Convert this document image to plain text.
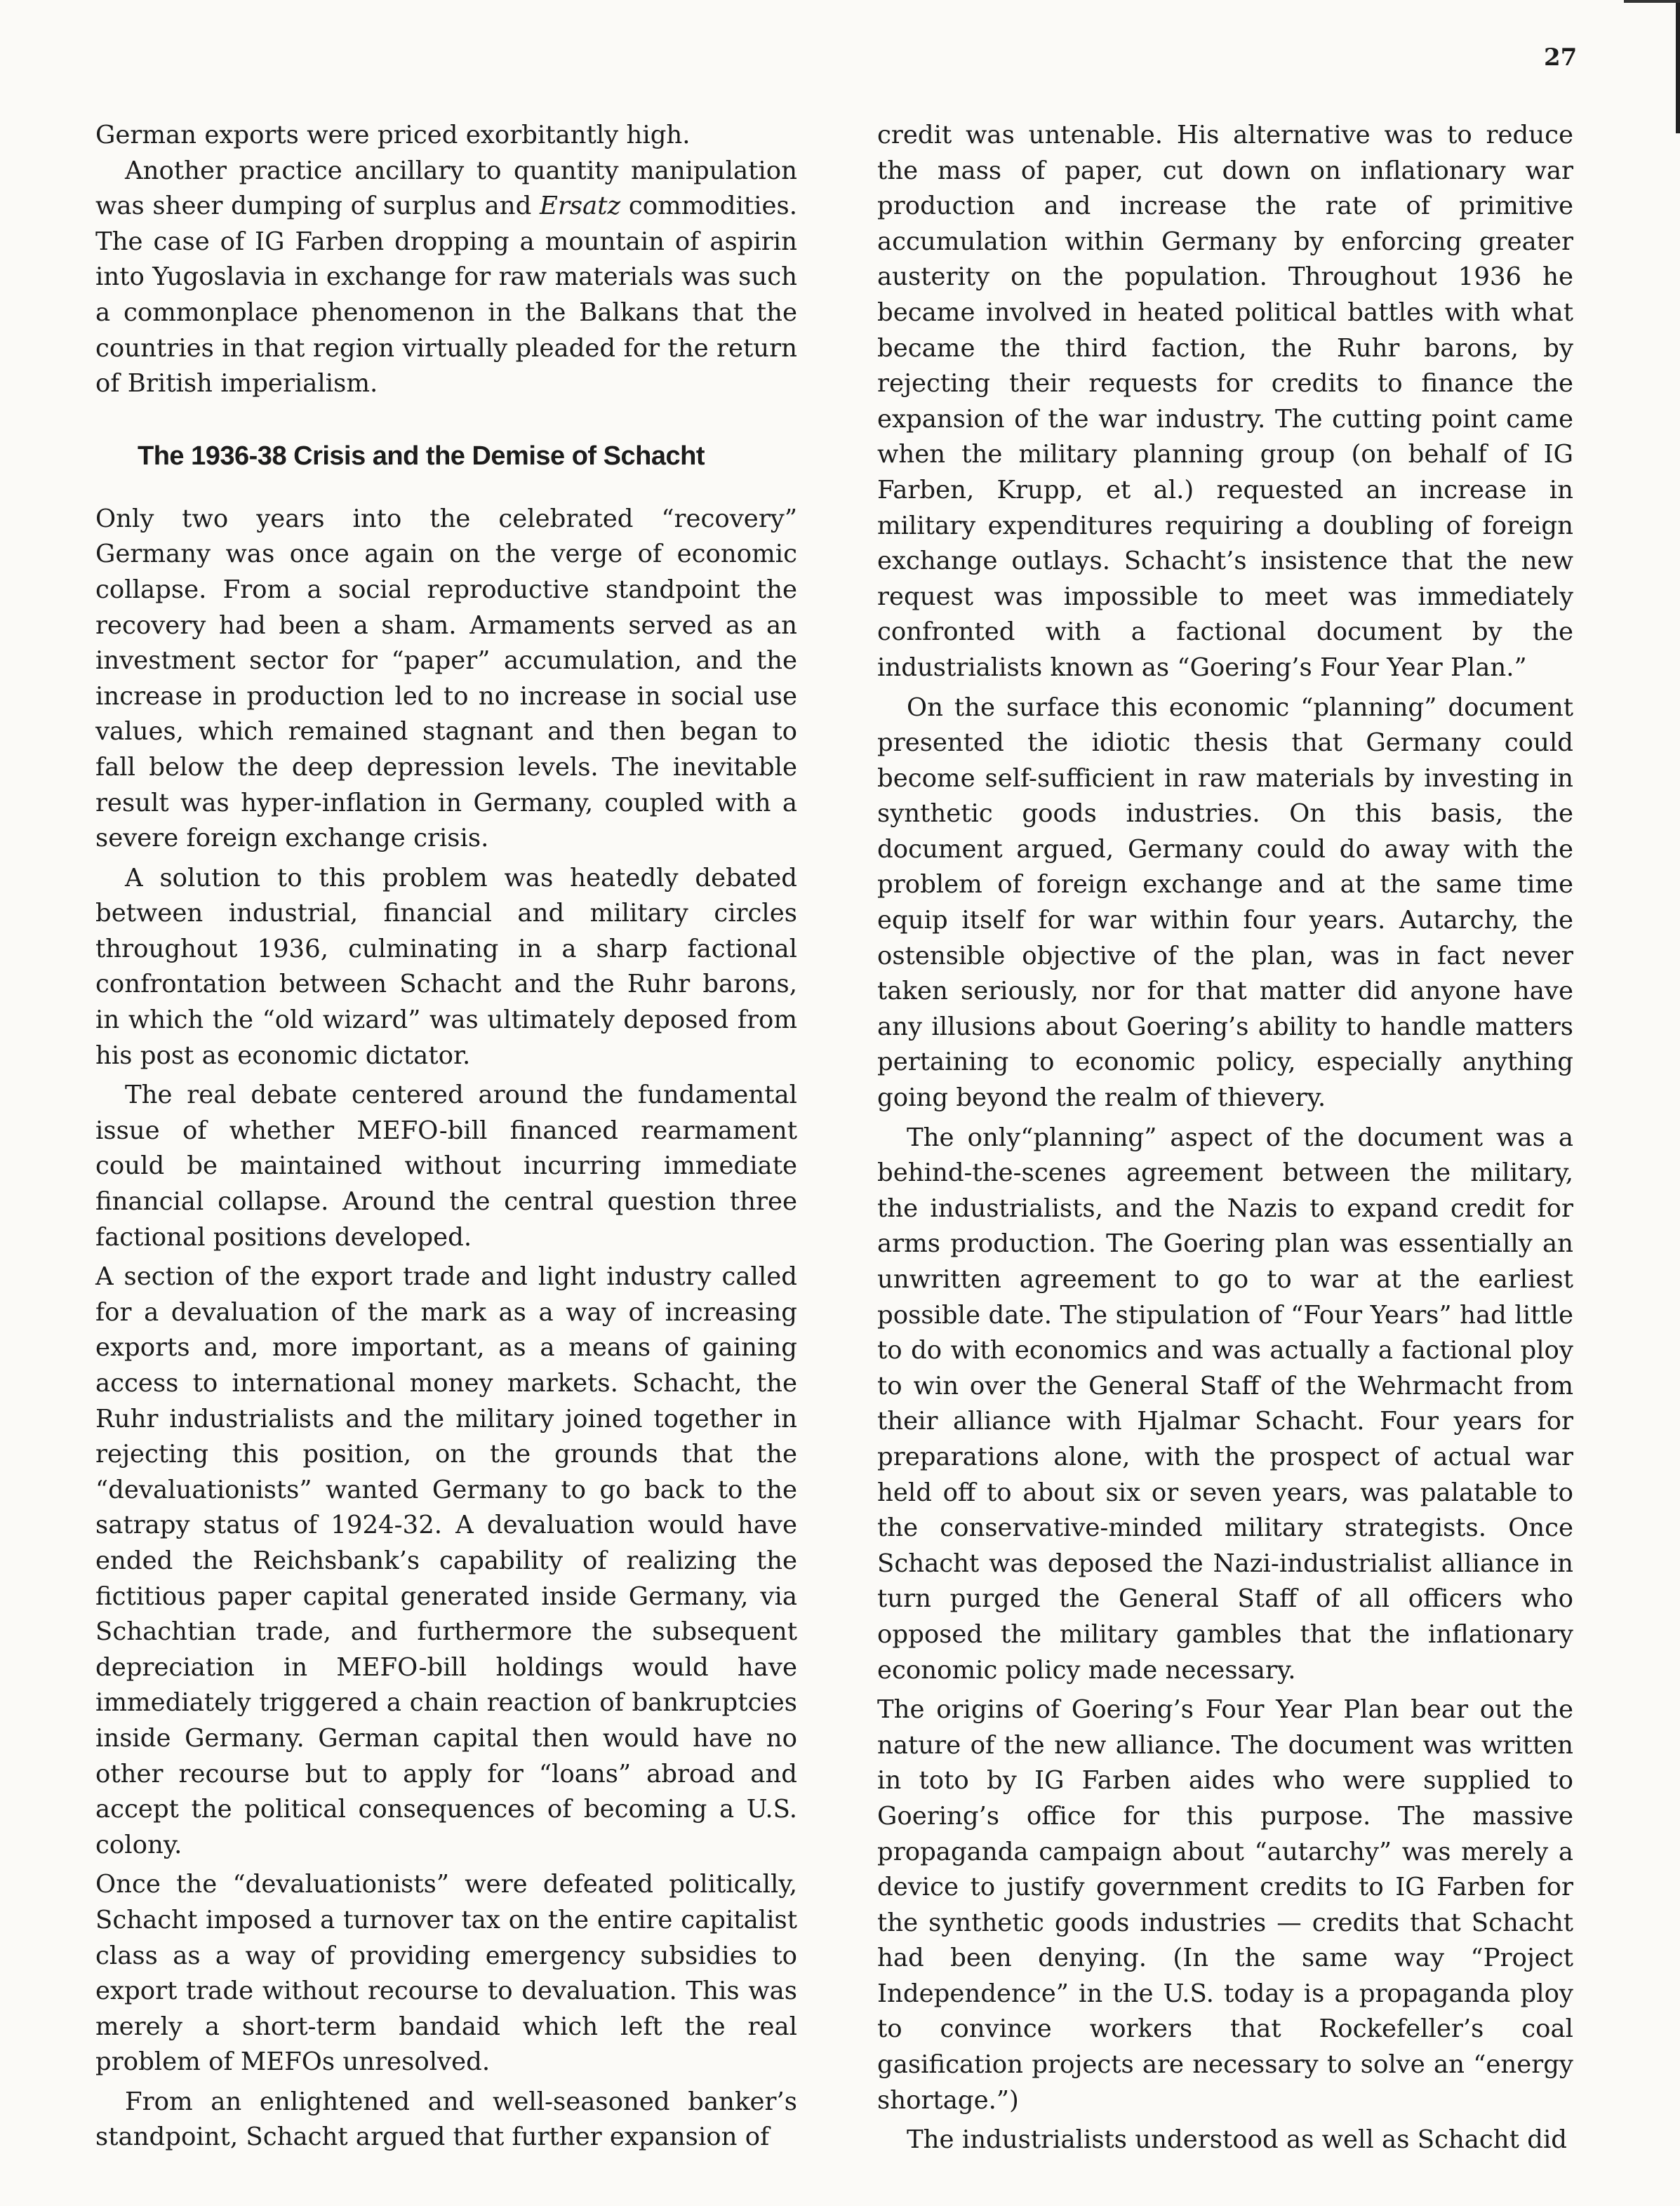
27

German exports were priced exorbitantly high.

Another practice ancillary to quantity manipulation was sheer dumping of surplus and Ersatz commodities. The case of IG Farben dropping a mountain of aspirin into Yugoslavia in exchange for raw materials was such a commonplace phenomenon in the Balkans that the countries in that region virtually pleaded for the return of British imperialism.

The 1936-38 Crisis and the Demise of Schacht

Only two years into the celebrated “recovery” Germany was once again on the verge of economic collapse. From a social reproductive standpoint the recovery had been a sham. Armaments served as an investment sector for “paper” accumulation, and the increase in production led to no increase in social use values, which remained stagnant and then began to fall below the deep depression levels. The inevitable result was hyper-inflation in Germany, coupled with a severe foreign exchange crisis.

A solution to this problem was heatedly debated between industrial, financial and military circles throughout 1936, culminating in a sharp factional confrontation between Schacht and the Ruhr barons, in which the “old wizard” was ultimately deposed from his post as economic dictator.

The real debate centered around the fundamental issue of whether MEFO-bill financed rearmament could be maintained without incurring immediate financial collapse. Around the central question three factional positions developed.

A section of the export trade and light industry called for a devaluation of the mark as a way of increasing exports and, more important, as a means of gaining access to international money markets. Schacht, the Ruhr industrialists and the military joined together in rejecting this position, on the grounds that the “devaluationists” wanted Germany to go back to the satrapy status of 1924-32. A devaluation would have ended the Reichsbank’s capability of realizing the fictitious paper capital generated inside Germany, via Schachtian trade, and furthermore the subsequent depreciation in MEFO-bill holdings would have immediately triggered a chain reaction of bankruptcies inside Germany. German capital then would have no other recourse but to apply for “loans” abroad and accept the political consequences of becoming a U.S. colony.

Once the “devaluationists” were defeated politically, Schacht imposed a turnover tax on the entire capitalist class as a way of providing emergency subsidies to export trade without recourse to devaluation. This was merely a short-term bandaid which left the real problem of MEFOs unresolved.

From an enlightened and well-seasoned banker’s standpoint, Schacht argued that further expansion of

credit was untenable. His alternative was to reduce the mass of paper, cut down on inflationary war production and increase the rate of primitive accumulation within Germany by enforcing greater austerity on the population. Throughout 1936 he became involved in heated political battles with what became the third faction, the Ruhr barons, by rejecting their requests for credits to finance the expansion of the war industry. The cutting point came when the military planning group (on behalf of IG Farben, Krupp, et al.) requested an increase in military expenditures requiring a doubling of foreign exchange outlays. Schacht’s insistence that the new request was impossible to meet was immediately confronted with a factional document by the industrialists known as “Goering’s Four Year Plan.”

On the surface this economic “planning” document presented the idiotic thesis that Germany could become self-sufficient in raw materials by investing in synthetic goods industries. On this basis, the document argued, Germany could do away with the problem of foreign exchange and at the same time equip itself for war within four years. Autarchy, the ostensible objective of the plan, was in fact never taken seriously, nor for that matter did anyone have any illusions about Goering’s ability to handle matters pertaining to economic policy, especially anything going beyond the realm of thievery.

The only“planning” aspect of the document was a behind-the-scenes agreement between the military, the industrialists, and the Nazis to expand credit for arms production. The Goering plan was essentially an unwritten agreement to go to war at the earliest possible date. The stipulation of “Four Years” had little to do with economics and was actually a factional ploy to win over the General Staff of the Wehrmacht from their alliance with Hjalmar Schacht. Four years for preparations alone, with the prospect of actual war held off to about six or seven years, was palatable to the conservative-minded military strategists. Once Schacht was deposed the Nazi-industrialist alliance in turn purged the General Staff of all officers who opposed the military gambles that the inflationary economic policy made necessary.

The origins of Goering’s Four Year Plan bear out the nature of the new alliance. The document was written in toto by IG Farben aides who were supplied to Goering’s office for this purpose. The massive propaganda campaign about “autarchy” was merely a device to justify government credits to IG Farben for the synthetic goods industries — credits that Schacht had been denying. (In the same way “Project Independence” in the U.S. today is a propaganda ploy to convince workers that Rockefeller’s coal gasification projects are necessary to solve an “energy shortage.”)

The industrialists understood as well as Schacht did
